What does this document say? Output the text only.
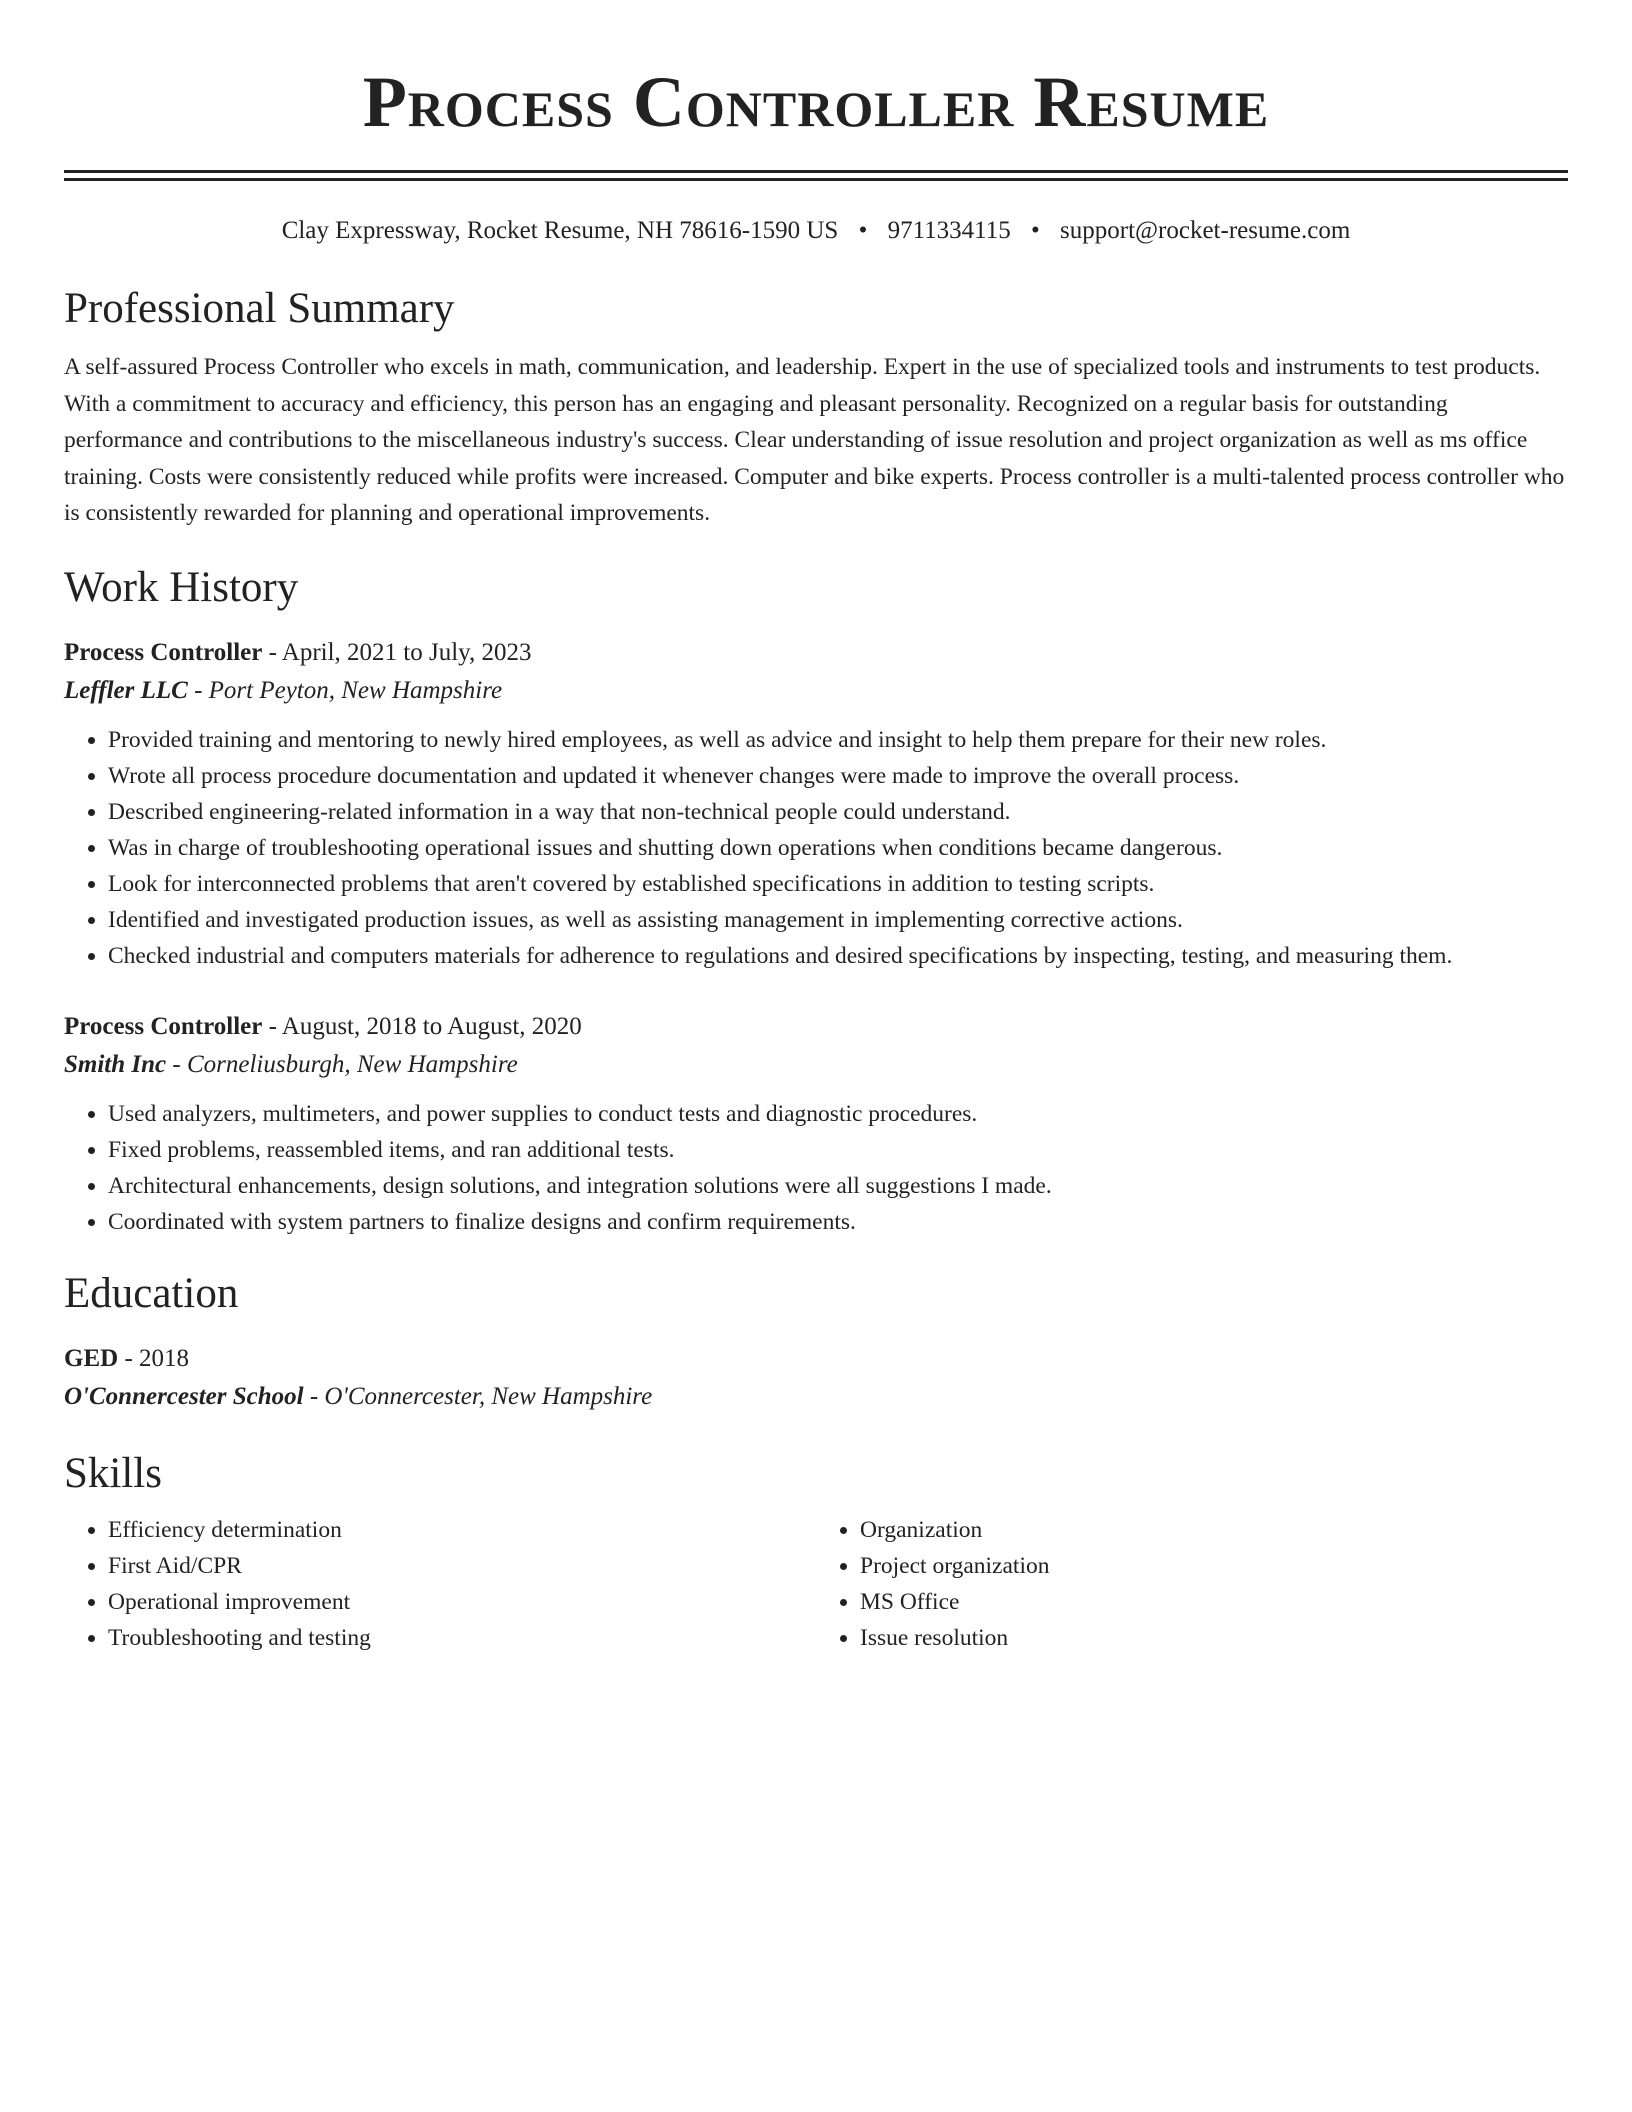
Process Controller Resume
Clay Expressway, Rocket Resume, NH 78616-1590 US • 9711334115 • support@rocket-resume.com
Professional Summary

A self-assured Process Controller who excels in math, communication, and leadership. Expert in the use of specialized tools and instruments to test products. With a commitment to accuracy and efficiency, this person has an engaging and pleasant personality. Recognized on a regular basis for outstanding performance and contributions to the miscellaneous industry's success. Clear understanding of issue resolution and project organization as well as ms office training. Costs were consistently reduced while profits were increased. Computer and bike experts. Process controller is a multi-talented process controller who is consistently rewarded for planning and operational improvements.

Work History
Process Controller - April, 2021 to July, 2023
Leffler LLC - Port Peyton, New Hampshire
• Provided training and mentoring to newly hired employees, as well as advice and insight to help them prepare for their new roles.
• Wrote all process procedure documentation and updated it whenever changes were made to improve the overall process.
• Described engineering-related information in a way that non-technical people could understand.
• Was in charge of troubleshooting operational issues and shutting down operations when conditions became dangerous.
• Look for interconnected problems that aren't covered by established specifications in addition to testing scripts.
• Identified and investigated production issues, as well as assisting management in implementing corrective actions.
• Checked industrial and computers materials for adherence to regulations and desired specifications by inspecting, testing, and measuring them.
Process Controller - August, 2018 to August, 2020
Smith Inc - Corneliusburgh, New Hampshire
• Used analyzers, multimeters, and power supplies to conduct tests and diagnostic procedures.
• Fixed problems, reassembled items, and ran additional tests.
• Architectural enhancements, design solutions, and integration solutions were all suggestions I made.
• Coordinated with system partners to finalize designs and confirm requirements.
Education
GED - 2018
O'Connercester School - O'Connercester, New Hampshire
Skills
• Efficiency determination
• First Aid/CPR
• Operational improvement
• Troubleshooting and testing
• Organization
• Project organization
• MS Office
• Issue resolution
